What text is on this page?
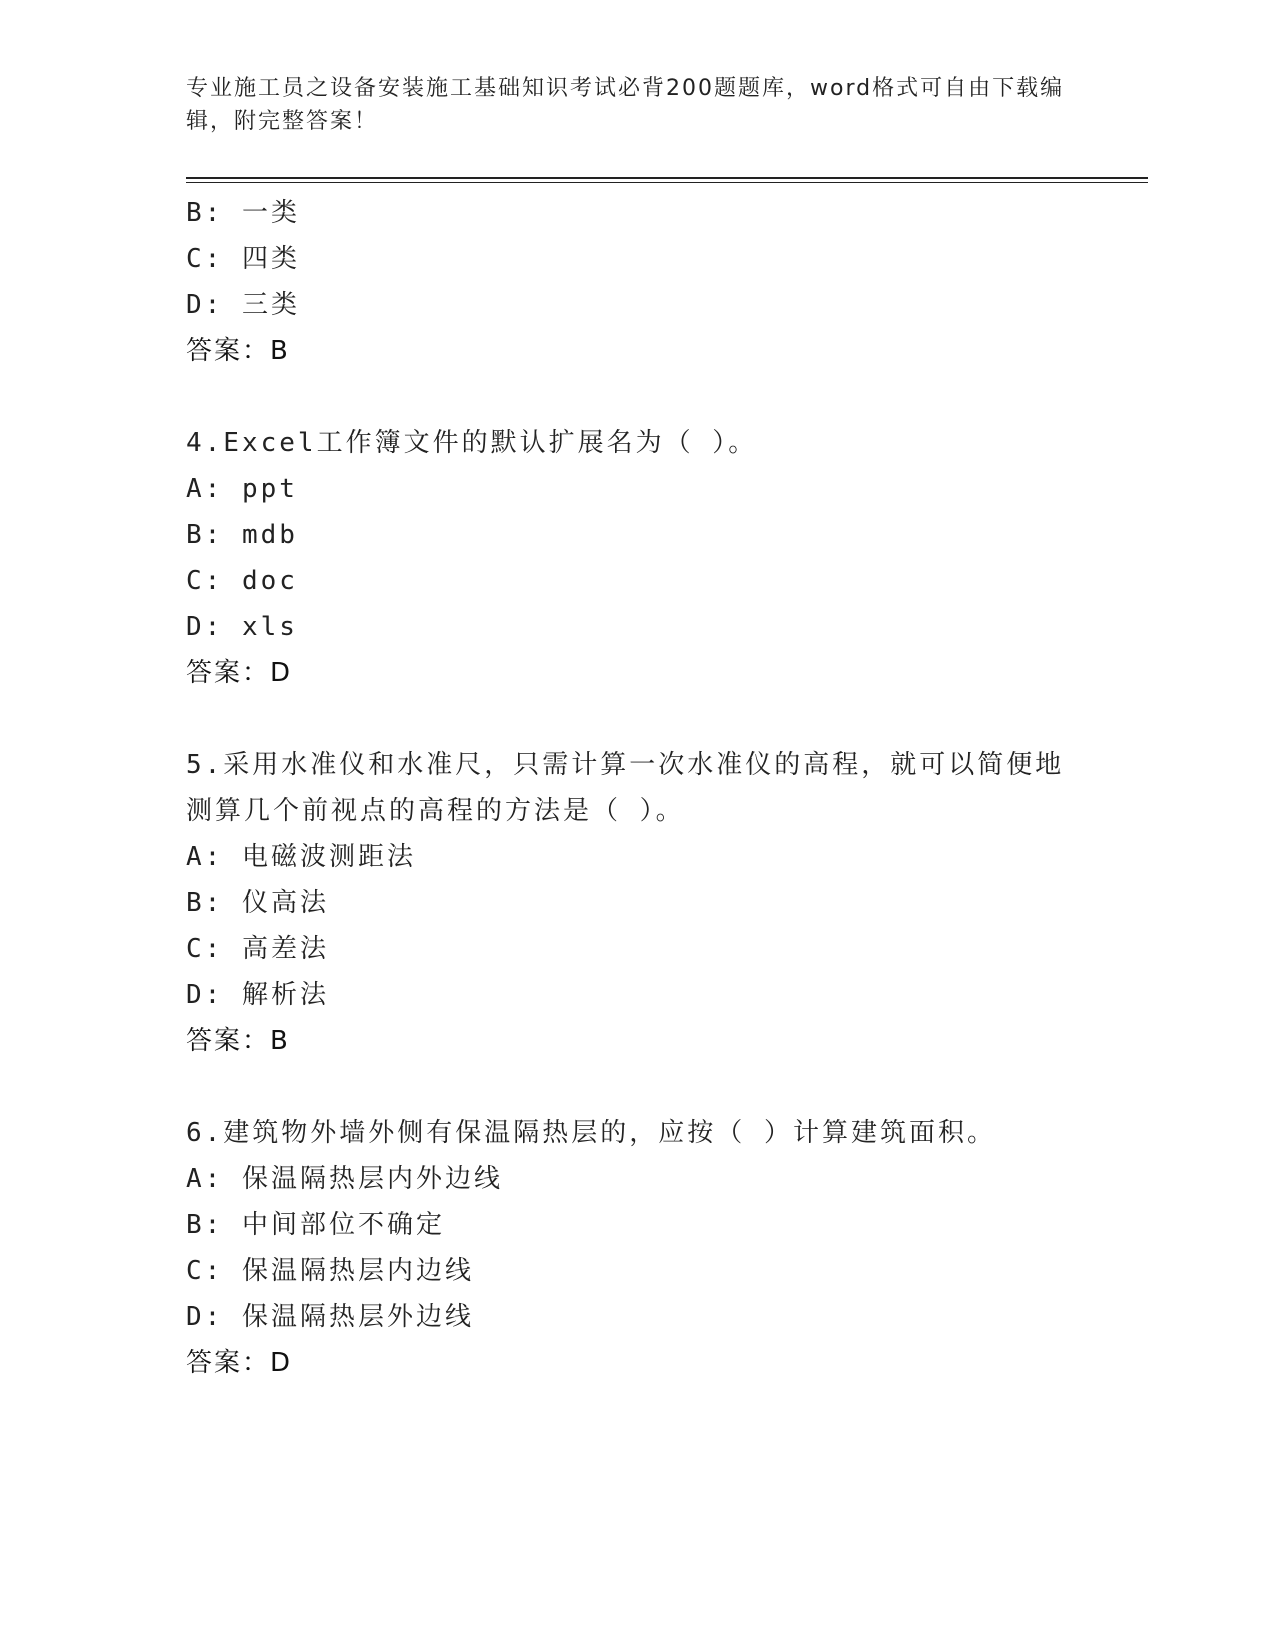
专业施工员之设备安装施工基础知识考试必背200题题库，word格式可自由下载编辑，附完整答案！
B: 一类
C: 四类
D: 三类
答案：B
4.Excel工作簿文件的默认扩展名为（ ）。
A: ppt
B: mdb
C: doc
D: xls
答案：D
5.采用水准仪和水准尺，只需计算一次水准仪的高程，就可以简便地测算几个前视点的高程的方法是（ ）。
A: 电磁波测距法
B: 仪高法
C: 高差法
D: 解析法
答案：B
6.建筑物外墙外侧有保温隔热层的，应按（ ）计算建筑面积。
A: 保温隔热层内外边线
B: 中间部位不确定
C: 保温隔热层内边线
D: 保温隔热层外边线
答案：D
